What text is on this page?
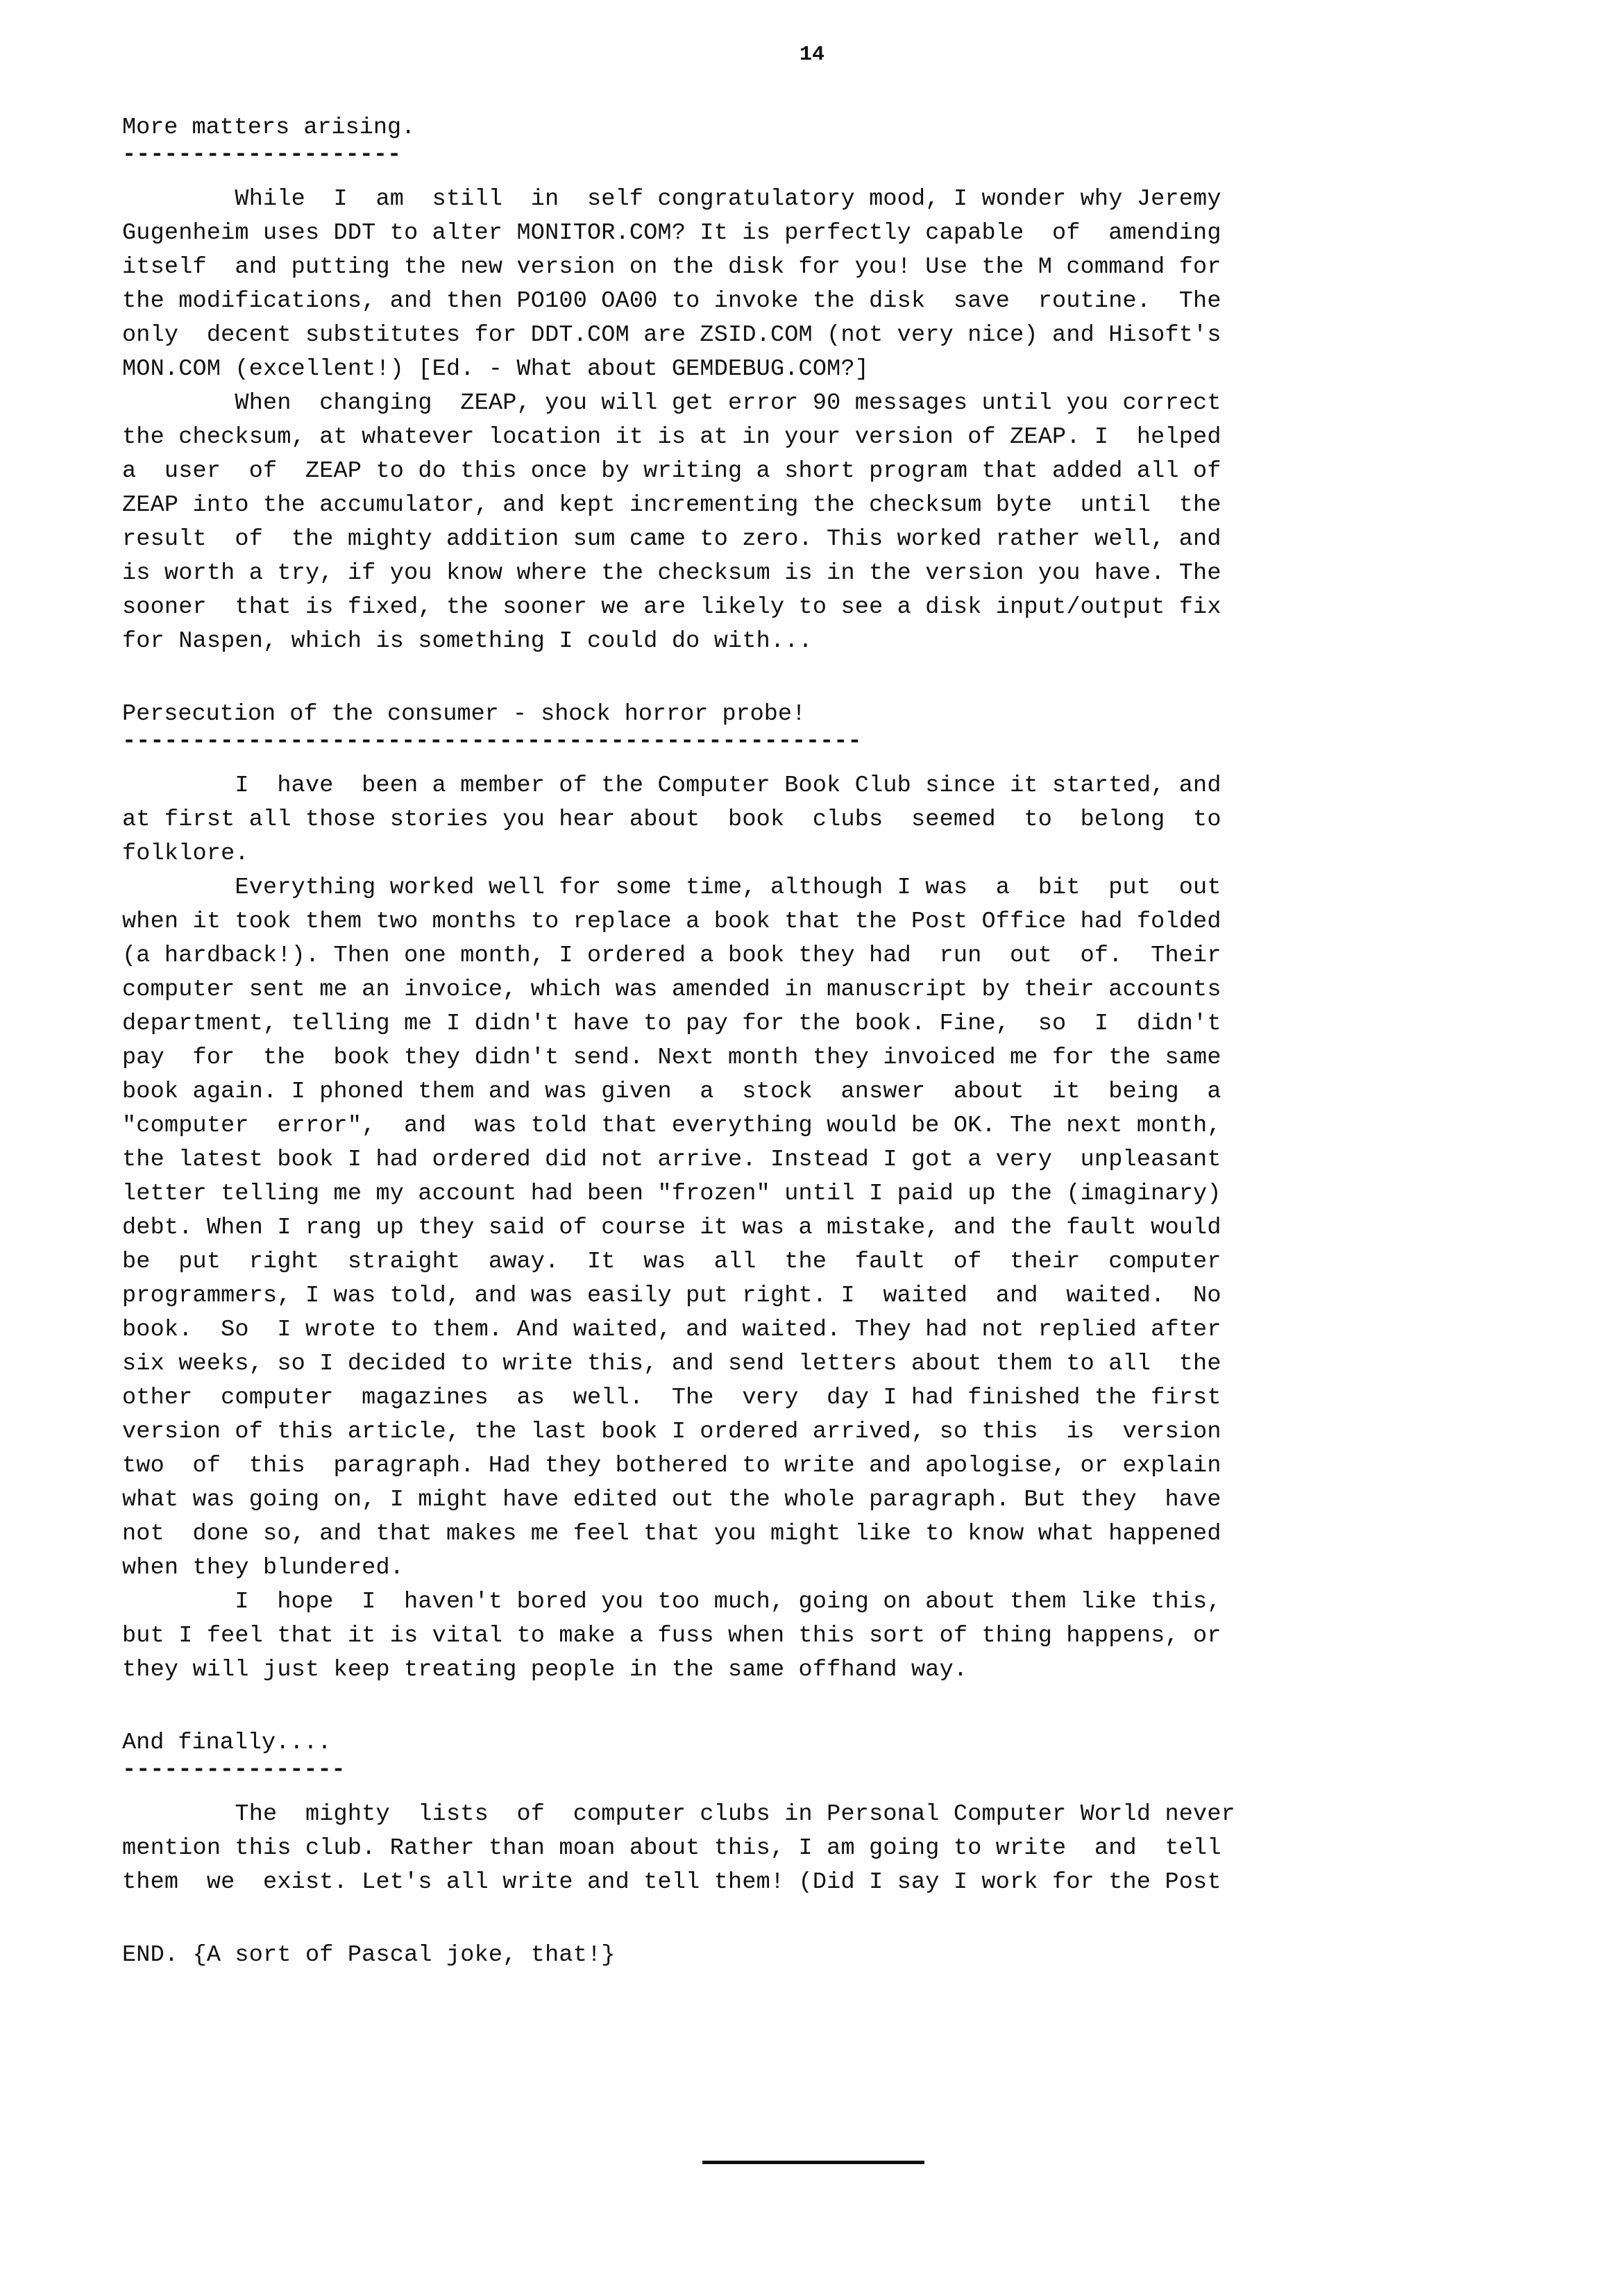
14
More matters arising.
--------------------
While  I  am  still  in  self congratulatory mood, I wonder why Jeremy
Gugenheim uses DDT to alter MONITOR.COM? It is perfectly capable  of  amending
itself  and putting the new version on the disk for you! Use the M command for
the modifications, and then PO100 OA00 to invoke the disk  save  routine.  The
only  decent substitutes for DDT.COM are ZSID.COM (not very nice) and Hisoft's
MON.COM (excellent!) [Ed. - What about GEMDEBUG.COM?]
When  changing  ZEAP, you will get error 90 messages until you correct
the checksum, at whatever location it is at in your version of ZEAP. I  helped
a  user  of  ZEAP to do this once by writing a short program that added all of
ZEAP into the accumulator, and kept incrementing the checksum byte  until  the
result  of  the mighty addition sum came to zero. This worked rather well, and
is worth a try, if you know where the checksum is in the version you have. The
sooner  that is fixed, the sooner we are likely to see a disk input/output fix
for Naspen, which is something I could do with...
Persecution of the consumer - shock horror probe!
-----------------------------------------------------
I  have  been a member of the Computer Book Club since it started, and
at first all those stories you hear about  book  clubs  seemed  to  belong  to
folklore.
Everything worked well for some time, although I was  a  bit  put  out
when it took them two months to replace a book that the Post Office had folded
(a hardback!). Then one month, I ordered a book they had  run  out  of.  Their
computer sent me an invoice, which was amended in manuscript by their accounts
department, telling me I didn't have to pay for the book. Fine,  so  I  didn't
pay  for  the  book they didn't send. Next month they invoiced me for the same
book again. I phoned them and was given  a  stock  answer  about  it  being  a
"computer  error",  and  was told that everything would be OK. The next month,
the latest book I had ordered did not arrive. Instead I got a very  unpleasant
letter telling me my account had been "frozen" until I paid up the (imaginary)
debt. When I rang up they said of course it was a mistake, and the fault would
be  put  right  straight  away.  It  was  all  the  fault  of  their  computer
programmers, I was told, and was easily put right. I  waited  and  waited.  No
book.  So  I wrote to them. And waited, and waited. They had not replied after
six weeks, so I decided to write this, and send letters about them to all  the
other  computer  magazines  as  well.  The  very  day I had finished the first
version of this article, the last book I ordered arrived, so this  is  version
two  of  this  paragraph. Had they bothered to write and apologise, or explain
what was going on, I might have edited out the whole paragraph. But they  have
not  done so, and that makes me feel that you might like to know what happened
when they blundered.
I  hope  I  haven't bored you too much, going on about them like this,
but I feel that it is vital to make a fuss when this sort of thing happens, or
they will just keep treating people in the same offhand way.
And finally....
----------------
The  mighty  lists  of  computer clubs in Personal Computer World never
mention this club. Rather than moan about this, I am going to write  and  tell
them  we  exist. Let's all write and tell them! (Did I say I work for the Post
END. {A sort of Pascal joke, that!}
